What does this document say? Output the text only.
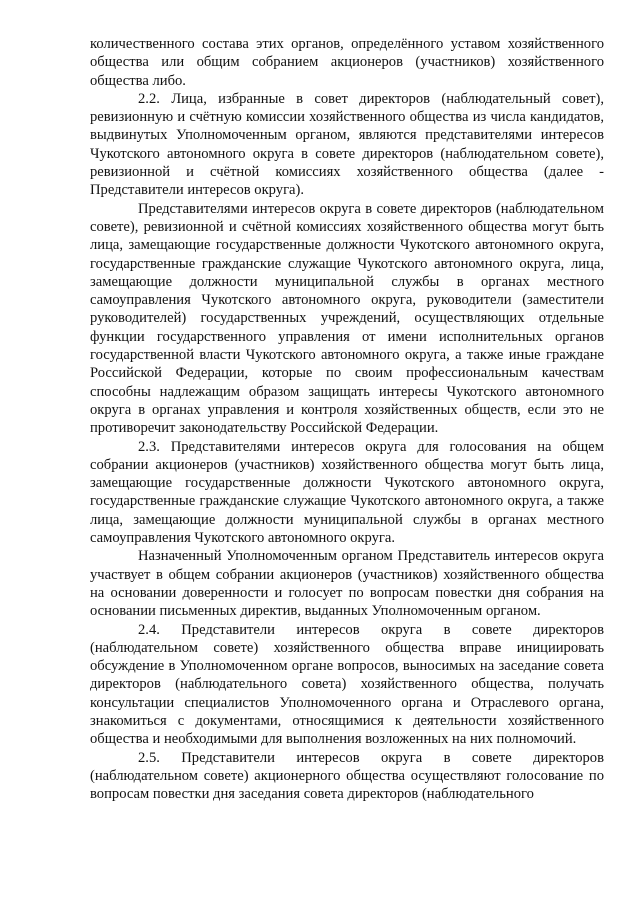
количественного состава этих органов, определённого уставом хозяйственного общества или общим собранием акционеров (участников) хозяйственного общества либо.

2.2. Лица, избранные в совет директоров (наблюдательный совет), ревизионную и счётную комиссии хозяйственного общества из числа кандидатов, выдвинутых Уполномоченным органом, являются представителями интересов Чукотского автономного округа в совете директоров (наблюдательном совете), ревизионной и счётной комиссиях хозяйственного общества (далее - Представители интересов округа).

Представителями интересов округа в совете директоров (наблюдательном совете), ревизионной и счётной комиссиях хозяйственного общества могут быть лица, замещающие государственные должности Чукотского автономного округа, государственные гражданские служащие Чукотского автономного округа, лица, замещающие должности муниципальной службы в органах местного самоуправления Чукотского автономного округа, руководители (заместители руководителей) государственных учреждений, осуществляющих отдельные функции государственного управления от имени исполнительных органов государственной власти Чукотского автономного округа, а также иные граждане Российской Федерации, которые по своим профессиональным качествам способны надлежащим образом защищать интересы Чукотского автономного округа в органах управления и контроля хозяйственных обществ, если это не противоречит законодательству Российской Федерации.

2.3. Представителями интересов округа для голосования на общем собрании акционеров (участников) хозяйственного общества могут быть лица, замещающие государственные должности Чукотского автономного округа, государственные гражданские служащие Чукотского автономного округа, а также лица, замещающие должности муниципальной службы в органах местного самоуправления Чукотского автономного округа.

Назначенный Уполномоченным органом Представитель интересов округа участвует в общем собрании акционеров (участников) хозяйственного общества на основании доверенности и голосует по вопросам повестки дня собрания на основании письменных директив, выданных Уполномоченным органом.

2.4. Представители интересов округа в совете директоров (наблюдательном совете) хозяйственного общества вправе инициировать обсуждение в Уполномоченном органе вопросов, выносимых на заседание совета директоров (наблюдательного совета) хозяйственного общества, получать консультации специалистов Уполномоченного органа и Отраслевого органа, знакомиться с документами, относящимися к деятельности хозяйственного общества и необходимыми для выполнения возложенных на них полномочий.

2.5. Представители интересов округа в совете директоров (наблюдательном совете) акционерного общества осуществляют голосование по вопросам повестки дня заседания совета директоров (наблюдательного
